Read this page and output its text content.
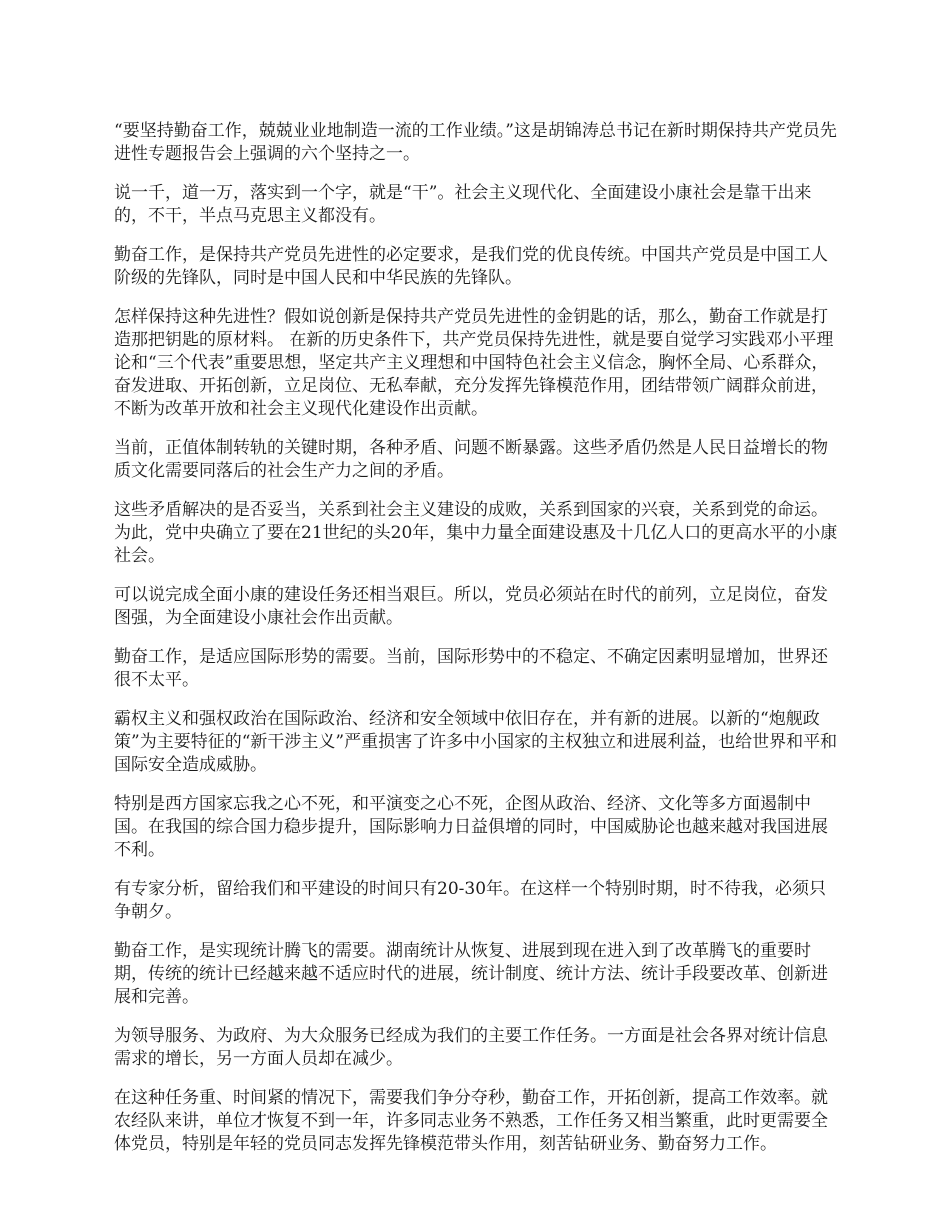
“要坚持勤奋工作，兢兢业业地制造一流的工作业绩。”这是胡锦涛总书记在新时期保持共产党员先进性专题报告会上强调的六个坚持之一。

说一千，道一万，落实到一个字，就是“干”。社会主义现代化、全面建设小康社会是靠干出来的，不干，半点马克思主义都没有。

勤奋工作，是保持共产党员先进性的必定要求，是我们党的优良传统。中国共产党员是中国工人阶级的先锋队，同时是中国人民和中华民族的先锋队。

怎样保持这种先进性？假如说创新是保持共产党员先进性的金钥匙的话，那么，勤奋工作就是打造那把钥匙的原材料。 在新的历史条件下，共产党员保持先进性，就是要自觉学习实践邓小平理论和“三个代表”重要思想，坚定共产主义理想和中国特色社会主义信念，胸怀全局、心系群众，奋发进取、开拓创新，立足岗位、无私奉献，充分发挥先锋模范作用，团结带领广阔群众前进，不断为改革开放和社会主义现代化建设作出贡献。

当前，正值体制转轨的关键时期，各种矛盾、问题不断暴露。这些矛盾仍然是人民日益增长的物质文化需要同落后的社会生产力之间的矛盾。

这些矛盾解决的是否妥当，关系到社会主义建设的成败，关系到国家的兴衰，关系到党的命运。为此，党中央确立了要在21世纪的头20年，集中力量全面建设惠及十几亿人口的更高水平的小康社会。

可以说完成全面小康的建设任务还相当艰巨。所以，党员必须站在时代的前列，立足岗位，奋发图强，为全面建设小康社会作出贡献。

勤奋工作，是适应国际形势的需要。当前，国际形势中的不稳定、不确定因素明显增加，世界还很不太平。

霸权主义和强权政治在国际政治、经济和安全领域中依旧存在，并有新的进展。以新的“炮舰政策”为主要特征的“新干涉主义”严重损害了许多中小国家的主权独立和进展利益，也给世界和平和国际安全造成威胁。

特别是西方国家忘我之心不死，和平演变之心不死，企图从政治、经济、文化等多方面遏制中国。在我国的综合国力稳步提升，国际影响力日益俱增的同时，中国威胁论也越来越对我国进展不利。

有专家分析，留给我们和平建设的时间只有20-30年。在这样一个特别时期，时不待我，必须只争朝夕。

勤奋工作，是实现统计腾飞的需要。湖南统计从恢复、进展到现在进入到了改革腾飞的重要时期，传统的统计已经越来越不适应时代的进展，统计制度、统计方法、统计手段要改革、创新进展和完善。

为领导服务、为政府、为大众服务已经成为我们的主要工作任务。一方面是社会各界对统计信息需求的增长，另一方面人员却在减少。

在这种任务重、时间紧的情况下，需要我们争分夺秒，勤奋工作，开拓创新，提高工作效率。就农经队来讲，单位才恢复不到一年，许多同志业务不熟悉，工作任务又相当繁重，此时更需要全体党员，特别是年轻的党员同志发挥先锋模范带头作用，刻苦钻研业务、勤奋努力工作。
